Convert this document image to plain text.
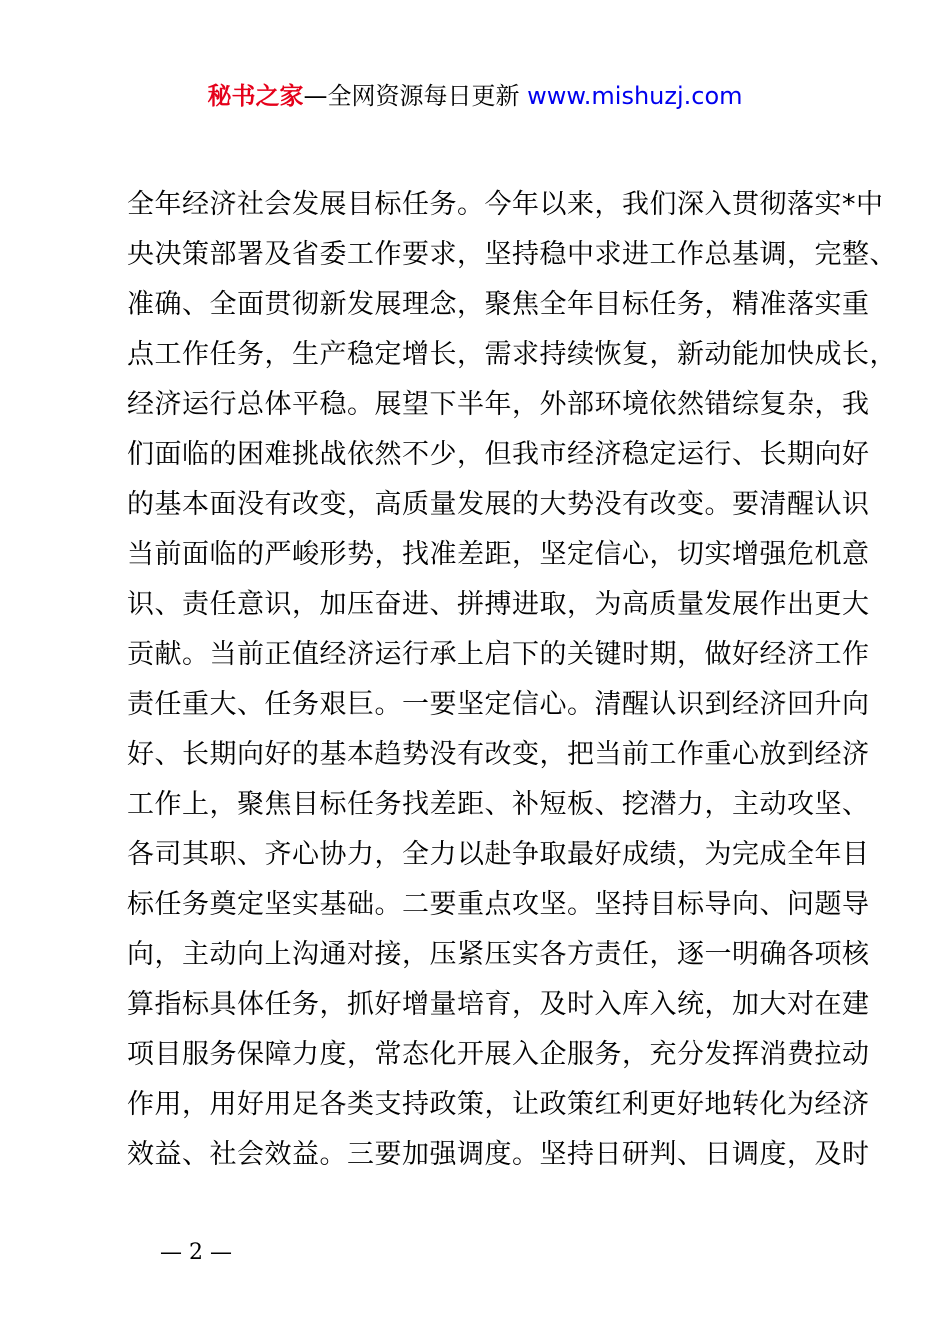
秘书之家—全网资源每日更新 www.mishuzj.com
全年经济社会发展目标任务。今年以来，我们深入贯彻落实*中
央决策部署及省委工作要求，坚持稳中求进工作总基调，完整、
准确、全面贯彻新发展理念，聚焦全年目标任务，精准落实重
点工作任务，生产稳定增长，需求持续恢复，新动能加快成长，
经济运行总体平稳。展望下半年，外部环境依然错综复杂，我
们面临的困难挑战依然不少，但我市经济稳定运行、长期向好
的基本面没有改变，高质量发展的大势没有改变。要清醒认识
当前面临的严峻形势，找准差距，坚定信心，切实增强危机意
识、责任意识，加压奋进、拼搏进取，为高质量发展作出更大
贡献。当前正值经济运行承上启下的关键时期，做好经济工作
责任重大、任务艰巨。一要坚定信心。清醒认识到经济回升向
好、长期向好的基本趋势没有改变，把当前工作重心放到经济
工作上，聚焦目标任务找差距、补短板、挖潜力，主动攻坚、
各司其职、齐心协力，全力以赴争取最好成绩，为完成全年目
标任务奠定坚实基础。二要重点攻坚。坚持目标导向、问题导
向，主动向上沟通对接，压紧压实各方责任，逐一明确各项核
算指标具体任务，抓好增量培育，及时入库入统，加大对在建
项目服务保障力度，常态化开展入企服务，充分发挥消费拉动
作用，用好用足各类支持政策，让政策红利更好地转化为经济
效益、社会效益。三要加强调度。坚持日研判、日调度，及时
— 2 —
